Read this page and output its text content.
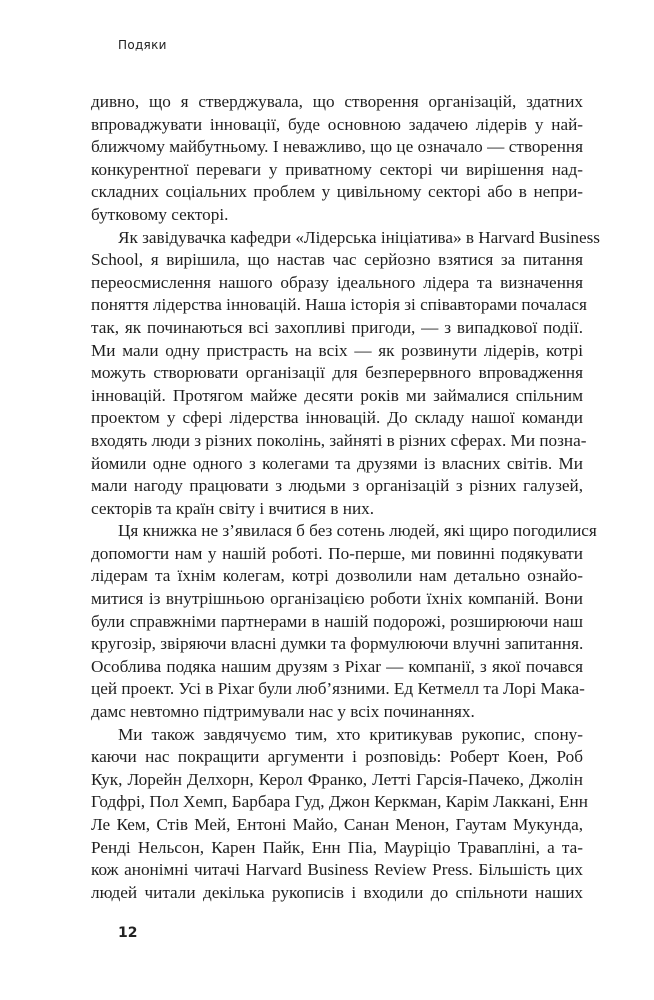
Подяки
дивно, що я стверджувала, що створення організацій, здатних
впроваджувати інновації, буде основною задачею лідерів у най-
ближчому майбутньому. І неважливо, що це означало — створення
конкурентної переваги у приватному секторі чи вирішення над-
складних соціальних проблем у цивільному секторі або в непри-
бутковому секторі.
Як завідувачка кафедри «Лідерська ініціатива» в Harvard Business
School, я вирішила, що настав час серйозно взятися за питання
переосмислення нашого образу ідеального лідера та визначення
поняття лідерства інновацій. Наша історія зі співавторами почалася
так, як починаються всі захопливі пригоди, — з випадкової події.
Ми мали одну пристрасть на всіх — як розвинути лідерів, котрі
можуть створювати організації для безперервного впровадження
інновацій. Протягом майже десяти років ми займалися спільним
проектом у сфері лідерства інновацій. До складу нашої команди
входять люди з різних поколінь, зайняті в різних сферах. Ми позна-
йомили одне одного з колегами та друзями із власних світів. Ми
мали нагоду працювати з людьми з організацій з різних галузей,
секторів та країн світу і вчитися в них.
Ця книжка не з’явилася б без сотень людей, які щиро погодилися
допомогти нам у нашій роботі. По-перше, ми повинні подякувати
лідерам та їхнім колегам, котрі дозволили нам детально ознайо-
митися із внутрішньою організацією роботи їхніх компаній. Вони
були справжніми партнерами в нашій подорожі, розширюючи наш
кругозір, звіряючи власні думки та формулюючи влучні запитання.
Особлива подяка нашим друзям з Pixar — компанії, з якої почався
цей проект. Усі в Pixar були люб’язними. Ед Кетмелл та Лорі Мака-
дамс невтомно підтримували нас у всіх починаннях.
Ми також завдячуємо тим, хто критикував рукопис, спону-
каючи нас покращити аргументи і розповідь: Роберт Коен, Роб
Кук, Лорейн Делхорн, Керол Франко, Летті Гарсія-Пачеко, Джолін
Годфрі, Пол Хемп, Барбара Гуд, Джон Керкман, Карім Лаккані, Енн
Ле Кем, Стів Мей, Ентоні Майо, Санан Менон, Гаутам Мукунда,
Ренді Нельсон, Карен Пайк, Енн Піа, Мауріціо Травапліні, а та-
кож анонімні читачі Harvard Business Review Press. Більшість цих
людей читали декілька рукописів і входили до спільноти наших
12
